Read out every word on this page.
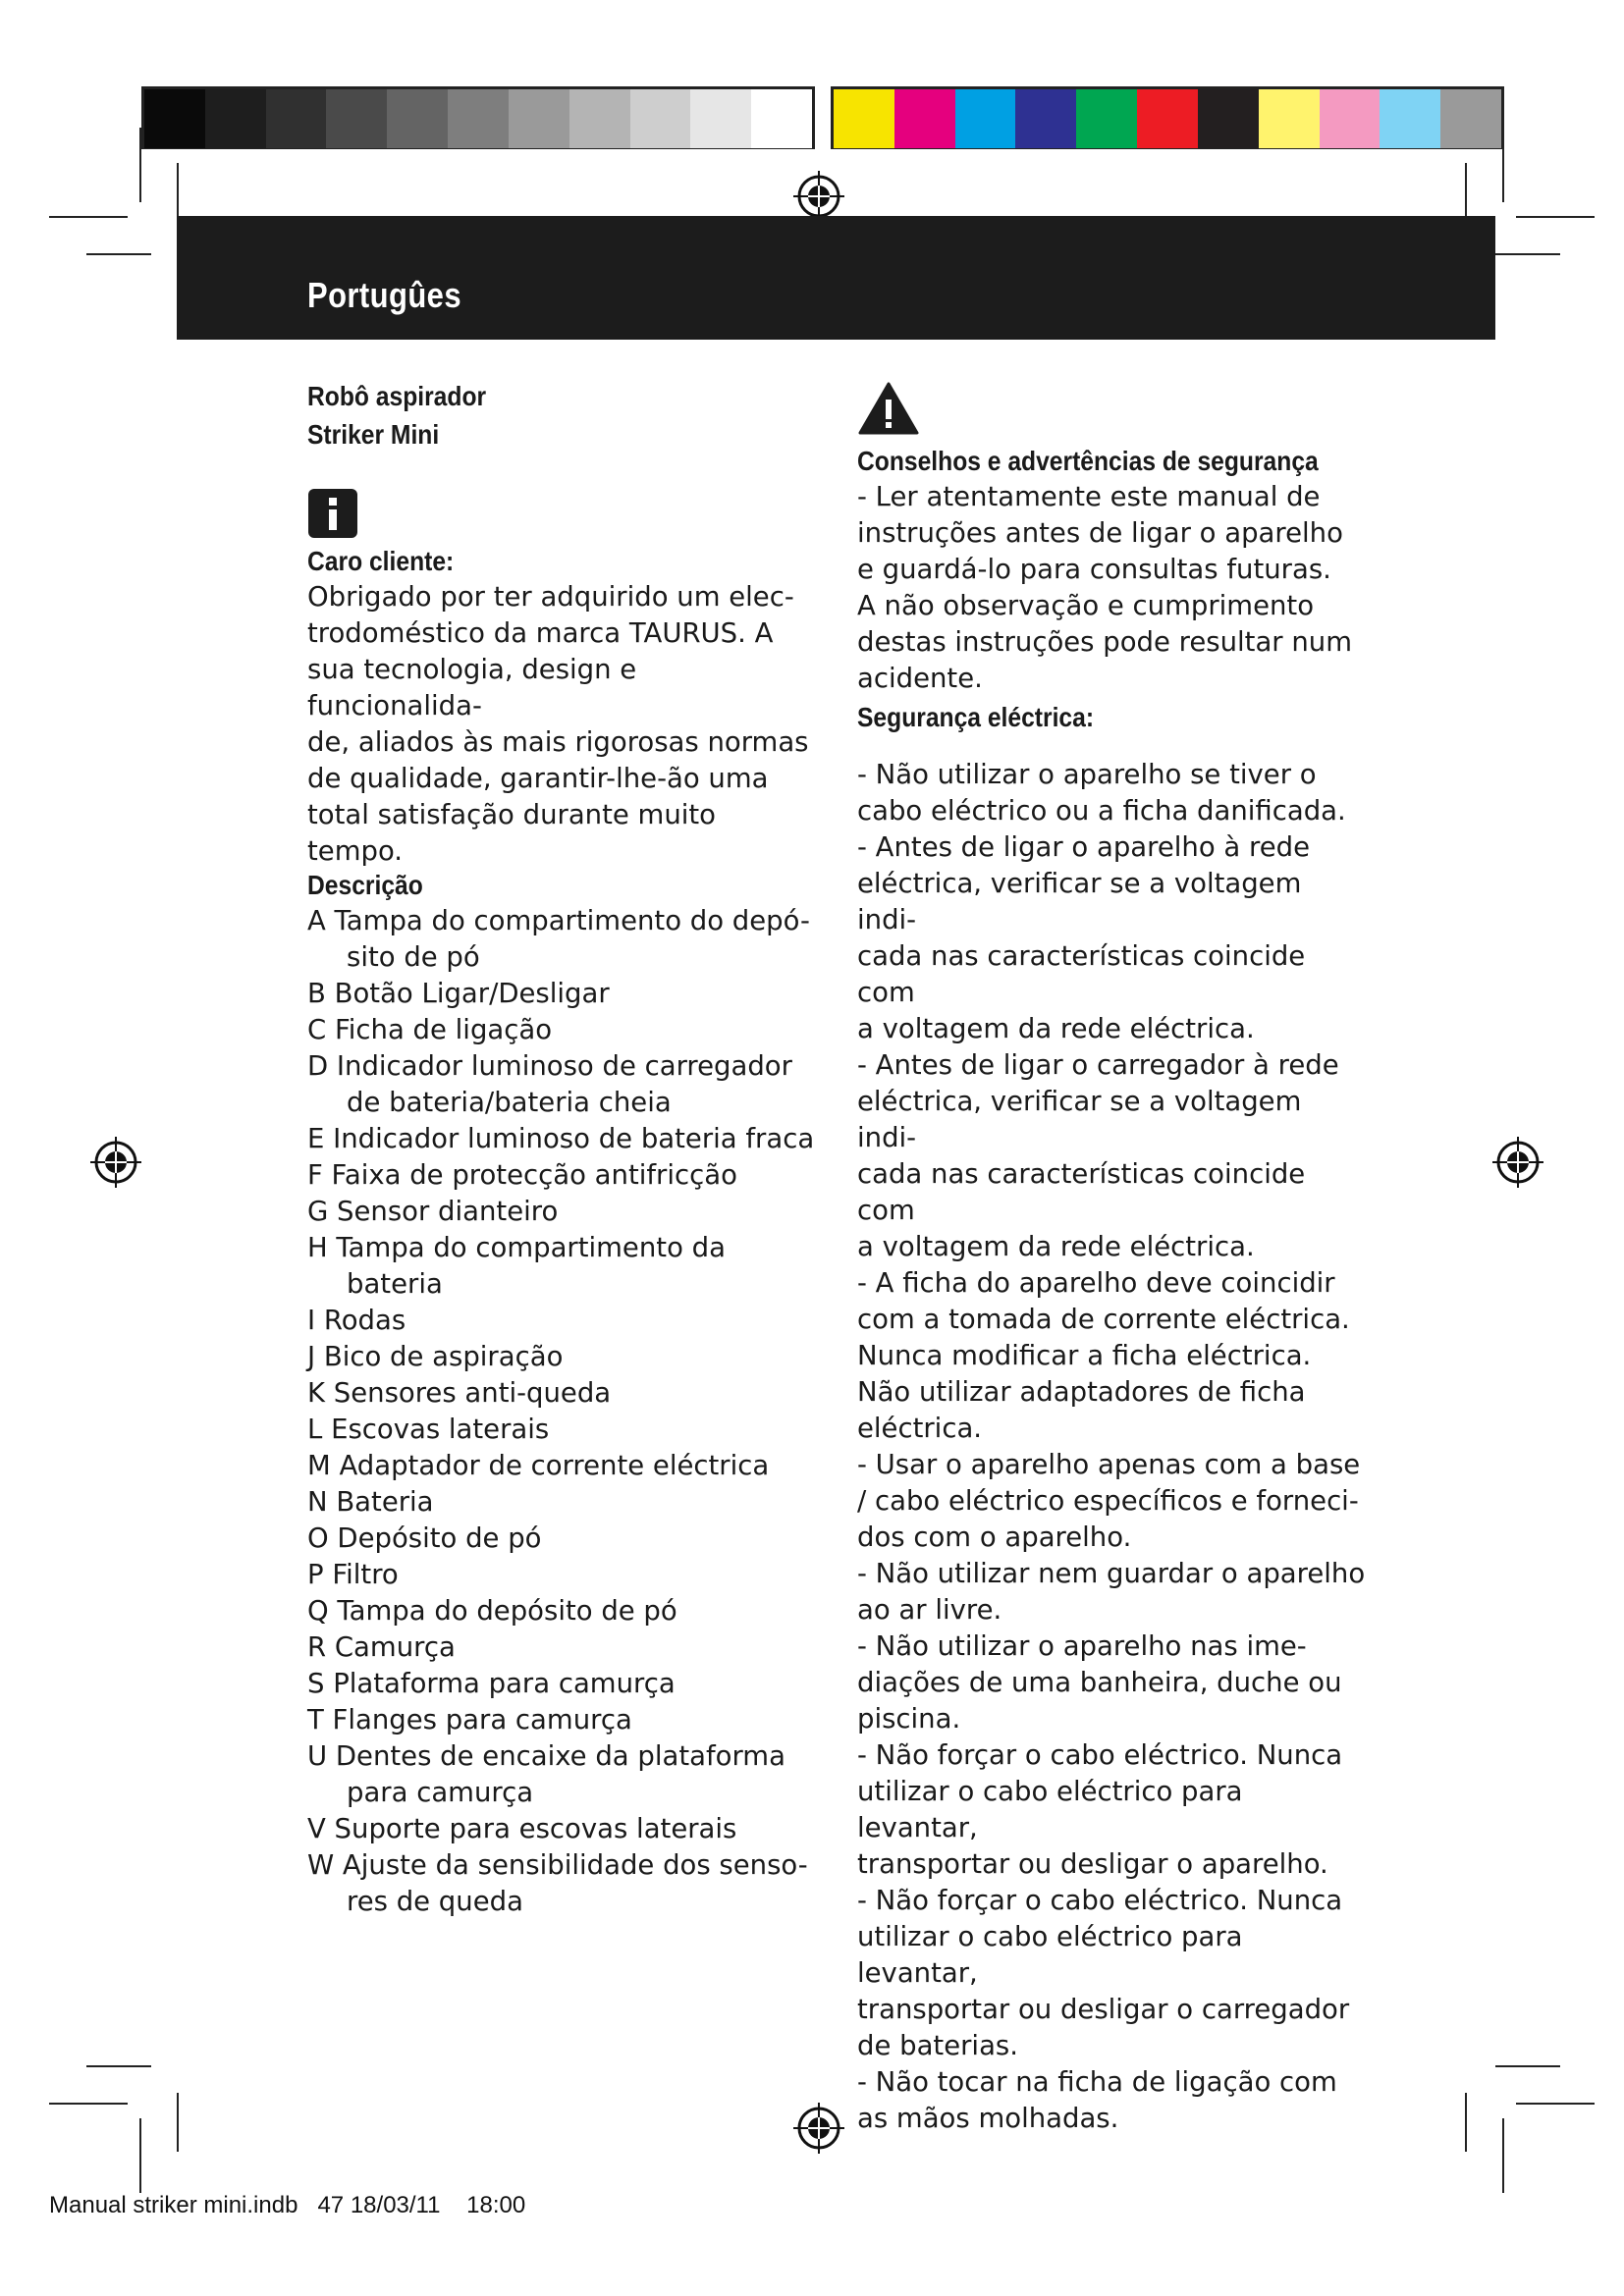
Portugûes
Robô aspirador
Striker Mini
Caro cliente:

Obrigado por ter adquirido um elec-

trodoméstico da marca TAURUS. A

sua tecnologia, design e funcionalida-

de, aliados às mais rigorosas normas

de qualidade, garantir-lhe-ão uma

total satisfação durante muito tempo.

Descrição
A Tampa do compartimento do depó-
sito de pó
B Botão Ligar/Desligar
C Ficha de ligação
D Indicador luminoso de carregador
de bateria/bateria cheia
E Indicador luminoso de bateria fraca
F Faixa de protecção antifricção
G Sensor dianteiro
H Tampa do compartimento da
bateria
I Rodas
J Bico de aspiração
K Sensores anti-queda
L Escovas laterais
M Adaptador de corrente eléctrica
N Bateria
O Depósito de pó
P Filtro
Q Tampa do depósito de pó
R Camurça
S Plataforma para camurça
T Flanges para camurça
U Dentes de encaixe da plataforma
para camurça
V Suporte para escovas laterais
W Ajuste da sensibilidade dos senso-
res de queda
Conselhos e advertências de segurança

- Ler atentamente este manual de

instruções antes de ligar o aparelho

e guardá-lo para consultas futuras.

A não observação e cumprimento

destas instruções pode resultar num

acidente.

Segurança eléctrica:

- Não utilizar o aparelho se tiver o

cabo eléctrico ou a ficha danificada.

- Antes de ligar o aparelho à rede

eléctrica, verificar se a voltagem indi-

cada nas características coincide com

a voltagem da rede eléctrica.

- Antes de ligar o carregador à rede

eléctrica, verificar se a voltagem indi-

cada nas características coincide com

a voltagem da rede eléctrica.

- A ficha do aparelho deve coincidir

com a tomada de corrente eléctrica.

Nunca modificar a ficha eléctrica.

Não utilizar adaptadores de ficha

eléctrica.

- Usar o aparelho apenas com a base

/ cabo eléctrico específicos e forneci-

dos com o aparelho.

- Não utilizar nem guardar o aparelho

ao ar livre.

- Não utilizar o aparelho nas ime-

diações de uma banheira, duche ou

piscina.

- Não forçar o cabo eléctrico. Nunca

utilizar o cabo eléctrico para levantar,

transportar ou desligar o aparelho.

- Não forçar o cabo eléctrico. Nunca

utilizar o cabo eléctrico para levantar,

transportar ou desligar o carregador

de baterias.

- Não tocar na ficha de ligação com

as mãos molhadas.

Manual striker mini.indb 47 18/03/11 18:00
